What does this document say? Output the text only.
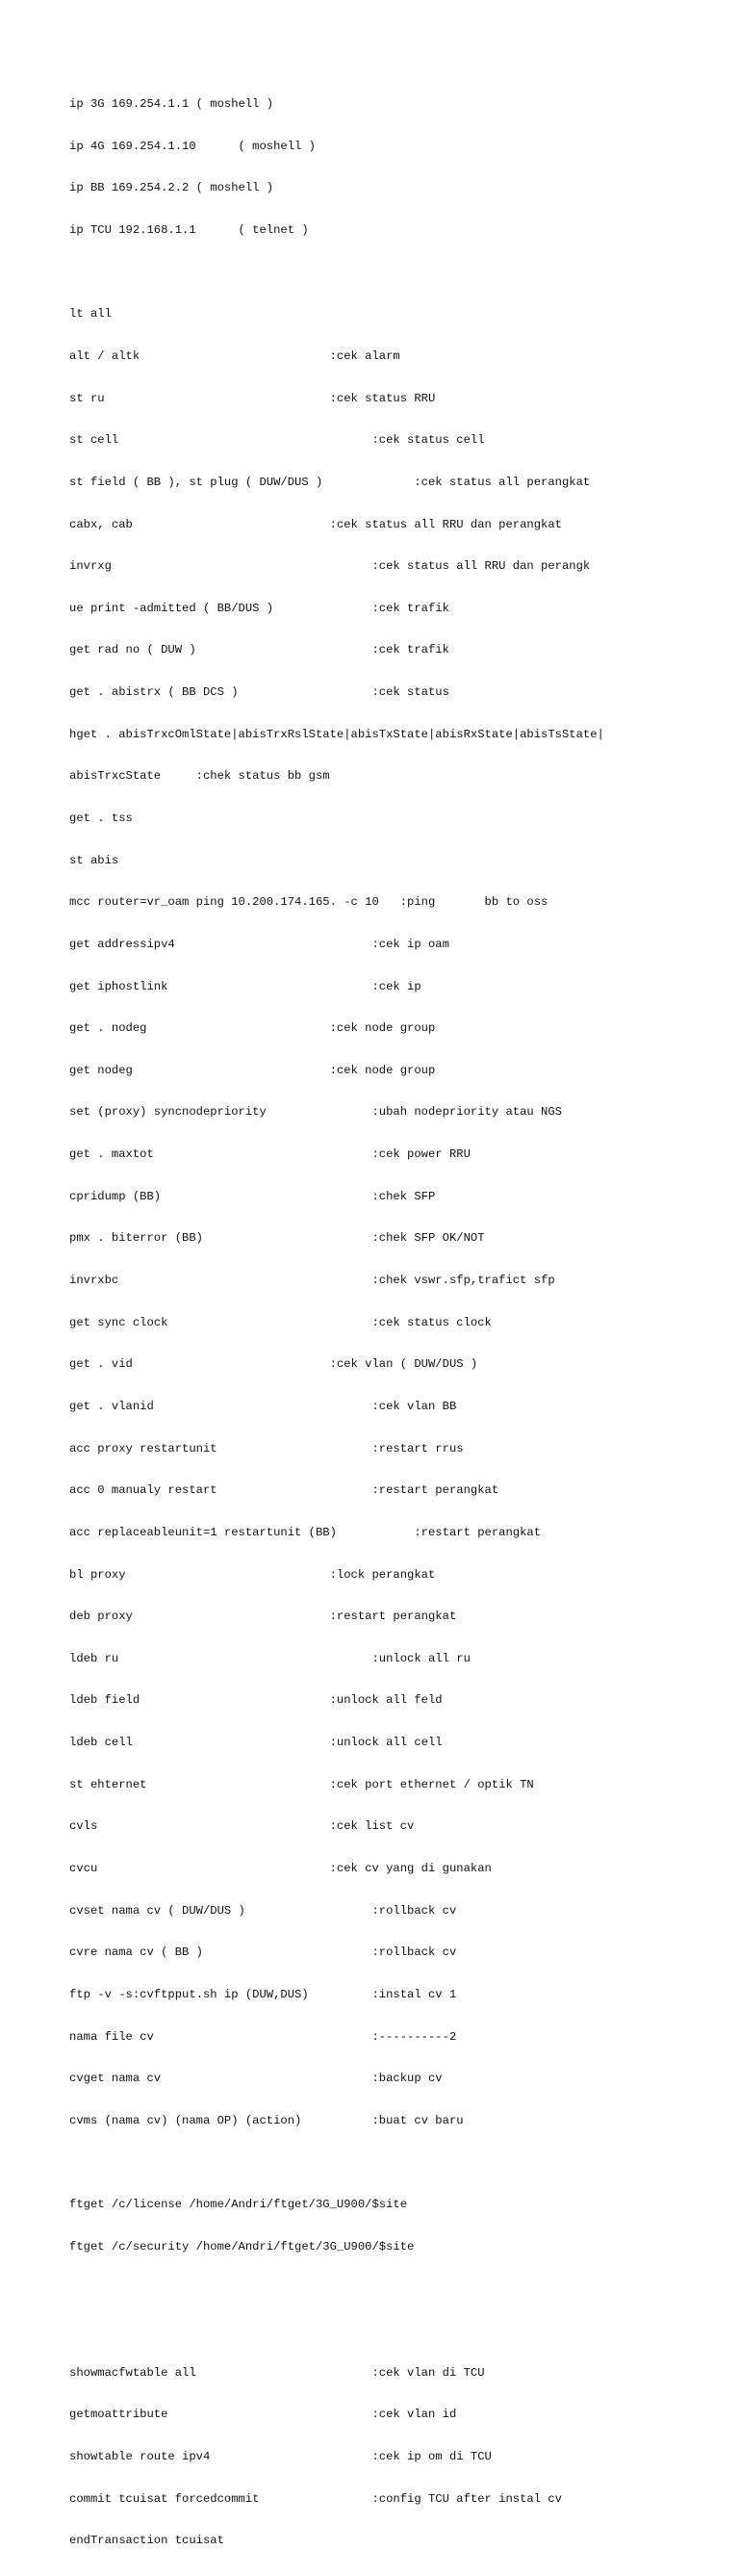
ip 3G 169.254.1.1 ( moshell )

ip 4G 169.254.1.10      ( moshell )

ip BB 169.254.2.2 ( moshell )

ip TCU 192.168.1.1      ( telnet )

lt all

alt / altk                           :cek alarm

st ru                                :cek status RRU

st cell                                    :cek status cell

st field ( BB ), st plug ( DUW/DUS )             :cek status all perangkat

cabx, cab                            :cek status all RRU dan perangkat

invrxg                                     :cek status all RRU dan perangk

ue print -admitted ( BB/DUS )              :cek trafik

get rad no ( DUW )                         :cek trafik

get . abistrx ( BB DCS )                   :cek status

hget . abisTrxcOmlState|abisTrxRslState|abisTxState|abisRxState|abisTsState|

abisTrxcState     :chek status bb gsm

get . tss

st abis

mcc router=vr_oam ping 10.200.174.165. -c 10   :ping       bb to oss

get addressipv4                            :cek ip oam

get iphostlink                             :cek ip

get . nodeg                          :cek node group

get nodeg                            :cek node group

set (proxy) syncnodepriority               :ubah nodepriority atau NGS

get . maxtot                               :cek power RRU

cpridump (BB)                              :chek SFP

pmx . biterror (BB)                        :chek SFP OK/NOT

invrxbc                                    :chek vswr.sfp,trafict sfp

get sync clock                             :cek status clock

get . vid                            :cek vlan ( DUW/DUS )

get . vlanid                               :cek vlan BB

acc proxy restartunit                      :restart rrus

acc 0 manualy restart                      :restart perangkat

acc replaceableunit=1 restartunit (BB)           :restart perangkat

bl proxy                             :lock perangkat

deb proxy                            :restart perangkat

ldeb ru                                    :unlock all ru

ldeb field                           :unlock all feld

ldeb cell                            :unlock all cell

st ehternet                          :cek port ethernet / optik TN

cvls                                 :cek list cv

cvcu                                 :cek cv yang di gunakan

cvset nama cv ( DUW/DUS )                  :rollback cv

cvre nama cv ( BB )                        :rollback cv

ftp -v -s:cvftpput.sh ip (DUW,DUS)         :instal cv 1

nama file cv                               :----------2

cvget nama cv                              :backup cv

cvms (nama cv) (nama OP) (action)          :buat cv baru

ftget /c/license /home/Andri/ftget/3G_U900/$site

ftget /c/security /home/Andri/ftget/3G_U900/$site

showmacfwtable all                         :cek vlan di TCU

getmoattribute                             :cek vlan id

showtable route ipv4                       :cek ip om di TCU

commit tcuisat forcedcommit                :config TCU after instal cv

endTransaction tcuisat
